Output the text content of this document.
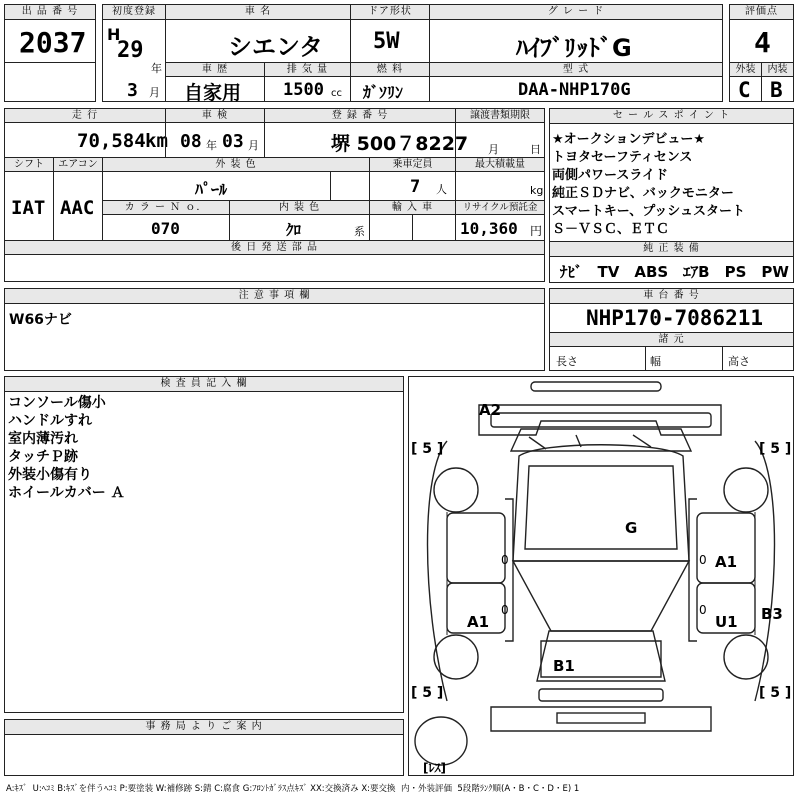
出 品 番 号
2037
初度登録
H
29
年
3 月
車 名
シエンタ
ドア形状
5W
グ レ ー ド
ﾊｲﾌﾞﾘｯﾄﾞG
評価点
4
車 歴
自家用
排 気 量
1500 cc
燃 料
ｶﾞｿﾘﾝ
型 式
DAA-NHP170G
外装
C
内装
B
走 行
70,584 km
車 検
08 年 03 月
登 録 番 号
堺 500７8227
譲渡書類期限
月	日
シフト
IAT
エアコン
AAC
外 装 色
ﾊﾟｰﾙ
乗車定員
7 人
最大積載量
kg
カ ラ ー Ｎ ｏ．
070
内 装 色
ｸﾛ	系
輸 入 車	リサイクル預託金
10,360 円
後 日 発 送 部 品
セ ー ル ス ポ イ ン ト
★オークションデビュー★
トヨタセーフティセンス
両側パワースライド
純正ＳＤナビ、バックモニター
スマートキー、プッシュスタート
Ｓ－ＶＳＣ、ＥＴＣ
純 正 装 備
ﾅﾋﾞ　TV　ABS　ｴｱB　PS　PW
注 意 事 項 欄
W66ナビ
車 台 番 号
NHP170-7086211
諸 元
長さ	幅	高さ
検 査 員 記 入 欄
コンソール傷小
ハンドルすれ
室内薄汚れ
タッチＰ跡
外装小傷有り
ホイールカバー Ａ
事 務 局 よ り ご 案 内
A2
G
A1
A1	U1 B3
B1
[ 5 ]	[ 5 ]
[ 5 ]	[ 5 ]
[ﾚｽ]
0	0
0	0
A:ｷｽﾞ  U:ﾍｺﾐ B:ｷｽﾞを伴うﾍｺﾐ P:要塗装 W:補修跡 S:錆 C:腐食 G:ﾌﾛﾝﾄｶﾞﾗｽ点ｷｽﾞ XX:交換済み X:要交換  内・外装評価  5段階ﾗﾝｸ順(A・B・C・D・E) 1
